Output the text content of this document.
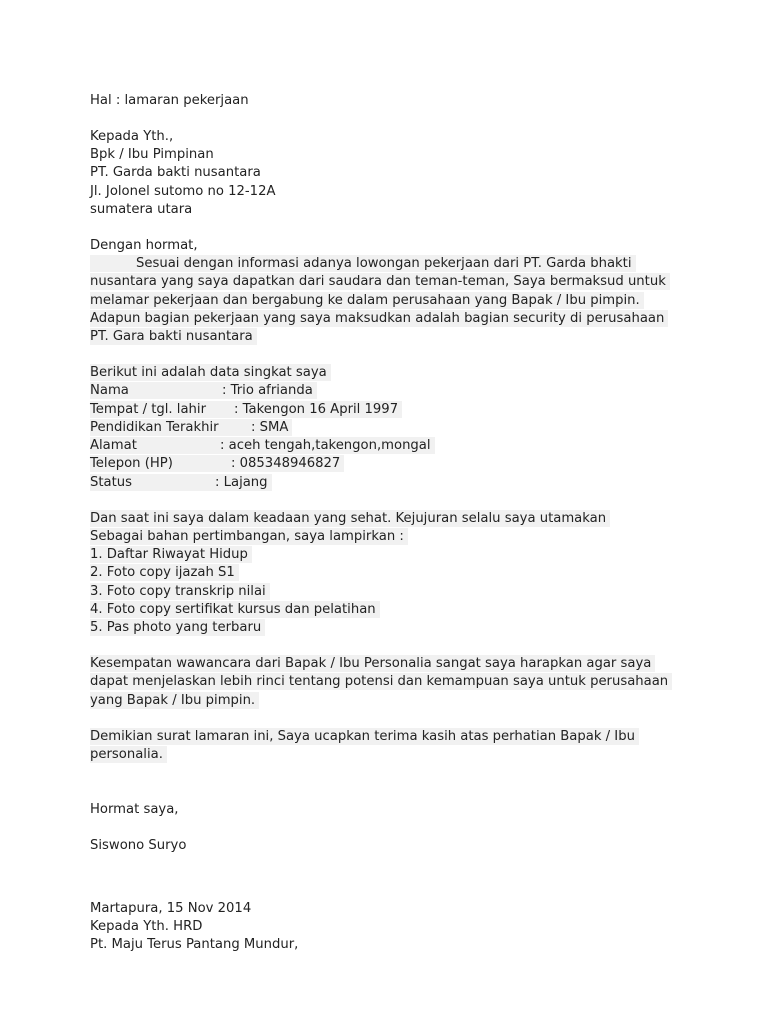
Hal : lamaran pekerjaan
Kepada Yth.,
Bpk / Ibu Pimpinan
PT. Garda bakti nusantara
Jl. Jolonel sutomo no 12-12A
sumatera utara
Dengan hormat,
Sesuai dengan informasi adanya lowongan pekerjaan dari PT. Garda bhakti
nusantara yang saya dapatkan dari saudara dan teman-teman, Saya bermaksud untuk
melamar pekerjaan dan bergabung ke dalam perusahaan yang Bapak / Ibu pimpin.
Adapun bagian pekerjaan yang saya maksudkan adalah bagian security di perusahaan
PT. Gara bakti nusantara
Berikut ini adalah data singkat saya
Nama	: Trio afrianda
Tempat / tgl. lahir : Takengon 16 April 1997
Pendidikan Terakhir : SMA
Alamat	: aceh tengah,takengon,mongal
Telepon (HP)	: 085348946827
Status	: Lajang
Dan saat ini saya dalam keadaan yang sehat. Kejujuran selalu saya utamakan
Sebagai bahan pertimbangan, saya lampirkan :
1. Daftar Riwayat Hidup
2. Foto copy ijazah S1
3. Foto copy transkrip nilai
4. Foto copy sertifikat kursus dan pelatihan
5. Pas photo yang terbaru
Kesempatan wawancara dari Bapak / Ibu Personalia sangat saya harapkan agar saya
dapat menjelaskan lebih rinci tentang potensi dan kemampuan saya untuk perusahaan
yang Bapak / Ibu pimpin.
Demikian surat lamaran ini, Saya ucapkan terima kasih atas perhatian Bapak / Ibu
personalia.
Hormat saya,
Siswono Suryo
Martapura, 15 Nov 2014
Kepada Yth. HRD
Pt. Maju Terus Pantang Mundur,
